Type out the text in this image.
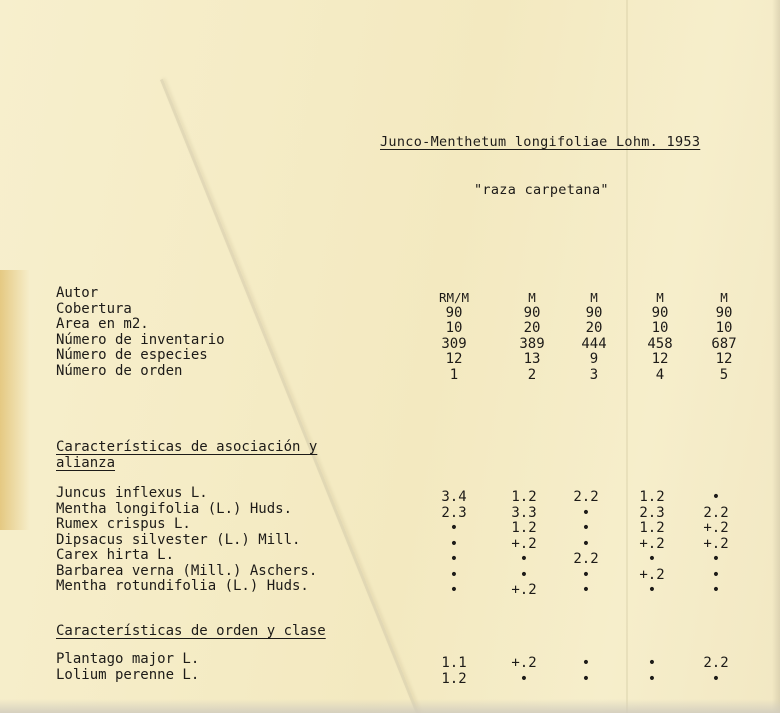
Junco-Menthetum longifoliae Lohm. 1953
"raza carpetana"
Autor
Cobertura
Area en m2.
Número de inventario
Número de especies
Número de orden
RM/M
90
10
309
12
1
M
90
20
389
13
2
M
90
20
444
9
3
M
90
10
458
12
4
M
90
10
687
12
5
Características de asociación y
alianza
Juncus inflexus L.
Mentha longifolia (L.) Huds.
Rumex crispus L.
Dipsacus silvester (L.) Mill.
Carex hirta L.
Barbarea verna (Mill.) Aschers.
Mentha rotundifolia (L.) Huds.
3.4
2.3
•
•
•
•
•
1.2
3.3
1.2
+.2
•
•
+.2
2.2
•
•
•
2.2
•
•
1.2
2.3
1.2
+.2
•
+.2
•
•
2.2
+.2
+.2
•
•
•
Características de orden y clase
Plantago major L.
Lolium perenne L.
1.1
1.2
+.2
•
•
•
•
•
2.2
•
